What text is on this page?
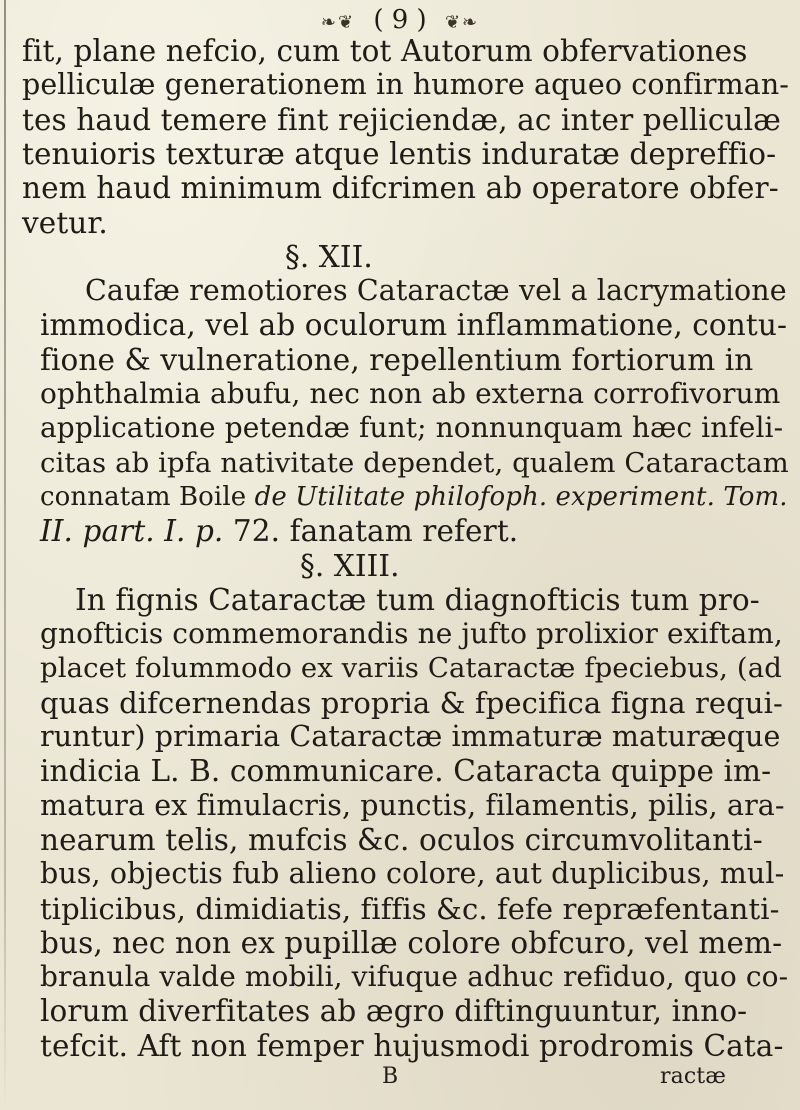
❧❦ ( 9 ) ❦❧
fit, plane nefcio, cum tot Autorum obfervationes
pelliculæ generationem in humore aqueo confirman-
tes haud temere fint rejiciendæ, ac inter pelliculæ
tenuioris texturæ atque lentis induratæ depreffio-
nem haud minimum difcrimen ab operatore obfer-
vetur.
§. XII.
Caufæ remotiores Cataractæ vel a lacrymatione
immodica, vel ab oculorum inflammatione, contu-
fione & vulneratione, repellentium fortiorum in
ophthalmia abufu, nec non ab externa corrofivorum
applicatione petendæ funt; nonnunquam hæc infeli-
citas ab ipfa nativitate dependet, qualem Cataractam
connatam Boile de Utilitate philofoph. experiment. Tom.
II. part. I. p. 72. fanatam refert.
§. XIII.
In fignis Cataractæ tum diagnofticis tum pro-
gnofticis commemorandis ne jufto prolixior exiftam,
placet folummodo ex variis Cataractæ fpeciebus, (ad
quas difcernendas propria & fpecifica figna requi-
runtur) primaria Cataractæ immaturæ maturæque
indicia L. B. communicare. Cataracta quippe im-
matura ex fimulacris, punctis, filamentis, pilis, ara-
nearum telis, mufcis &c. oculos circumvolitanti-
bus, objectis fub alieno colore, aut duplicibus, mul-
tiplicibus, dimidiatis, fiffis &c. fefe repræfentanti-
bus, nec non ex pupillæ colore obfcuro, vel mem-
branula valde mobili, vifuque adhuc refiduo, quo co-
lorum diverfitates ab ægro diftinguuntur, inno-
tefcit. Aft non femper hujusmodi prodromis Cata-
B	ractæ
